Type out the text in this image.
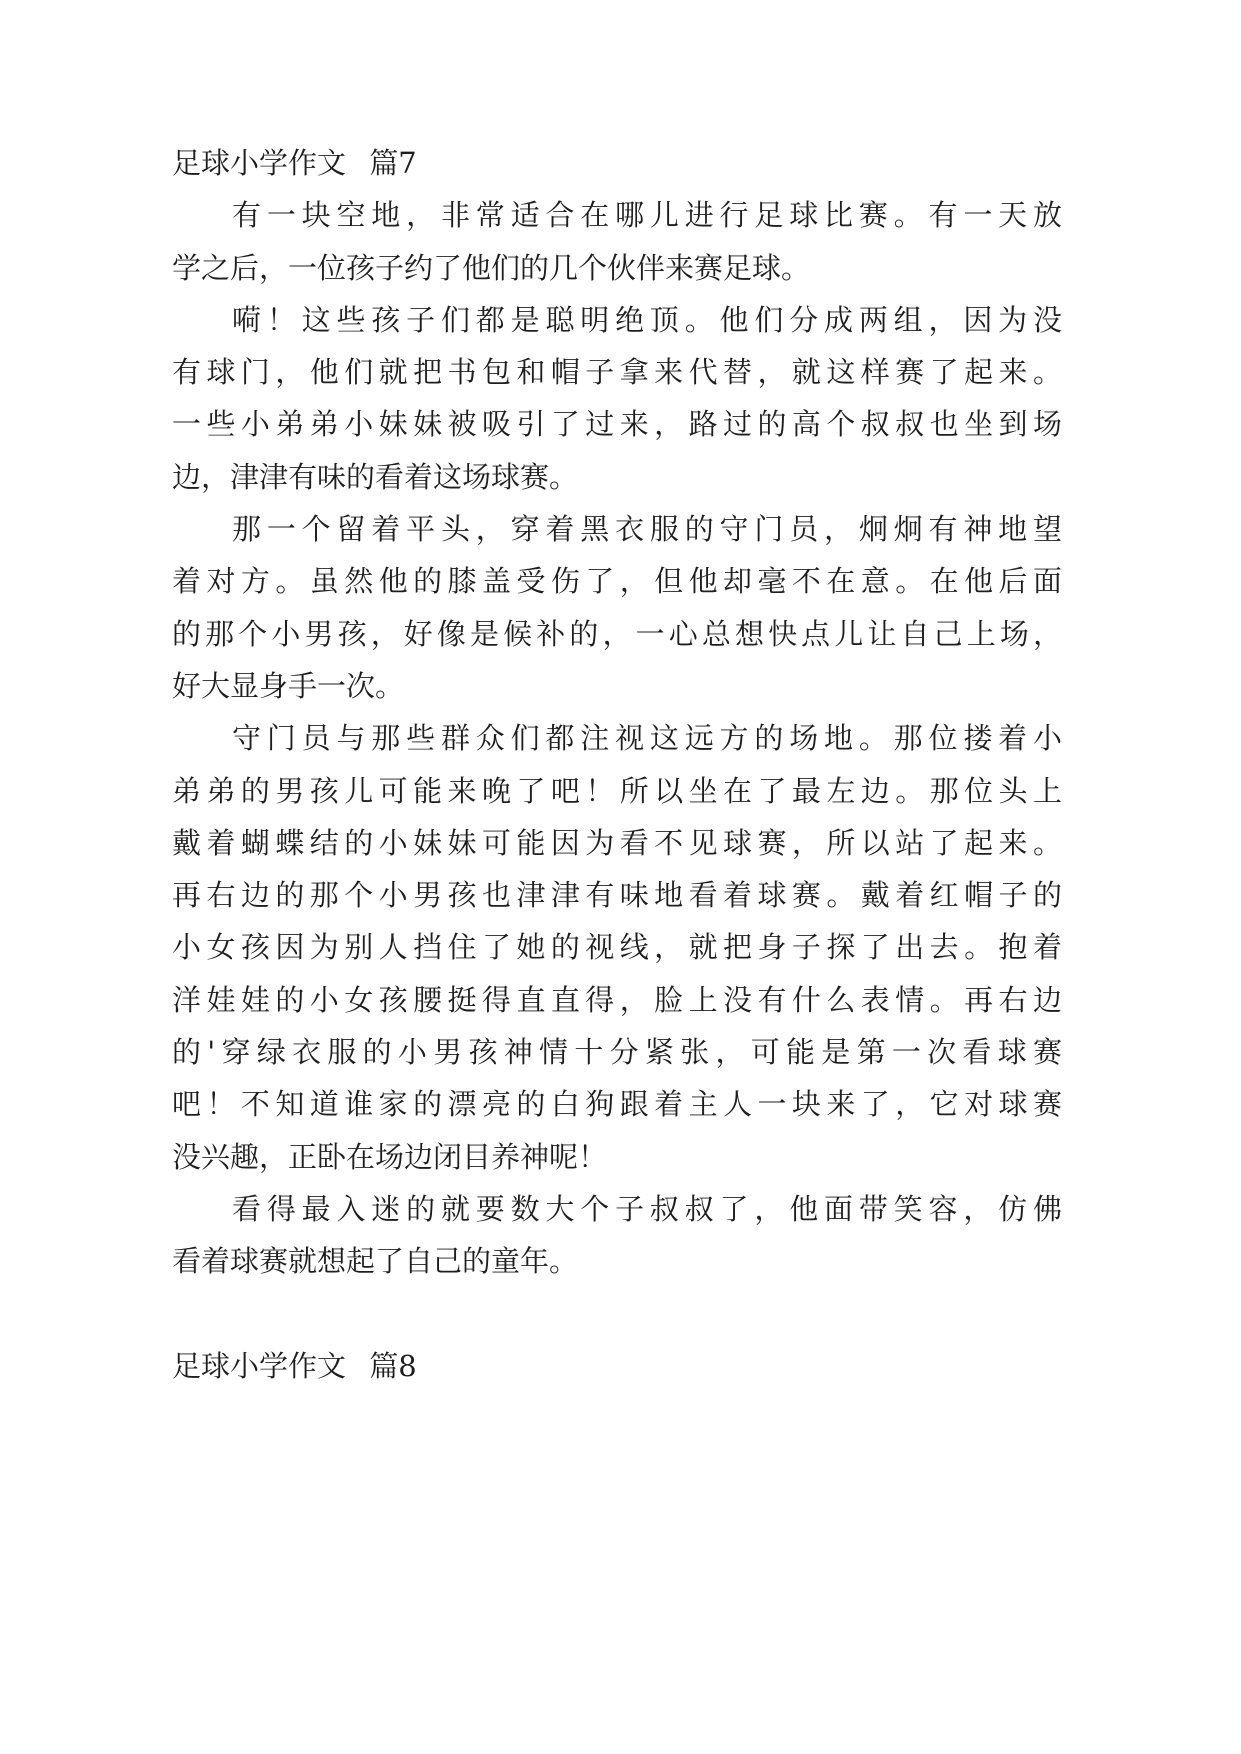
足球小学作文 篇7
有一块空地，非常适合在哪儿进行足球比赛。有一天放
学之后，一位孩子约了他们的几个伙伴来赛足球。
嗬！这些孩子们都是聪明绝顶。他们分成两组，因为没
有球门，他们就把书包和帽子拿来代替，就这样赛了起来。
一些小弟弟小妹妹被吸引了过来，路过的高个叔叔也坐到场
边，津津有味的看着这场球赛。
那一个留着平头，穿着黑衣服的守门员，炯炯有神地望
着对方。虽然他的膝盖受伤了，但他却毫不在意。在他后面
的那个小男孩，好像是候补的，一心总想快点儿让自己上场，
好大显身手一次。
守门员与那些群众们都注视这远方的场地。那位搂着小
弟弟的男孩儿可能来晚了吧！所以坐在了最左边。那位头上
戴着蝴蝶结的小妹妹可能因为看不见球赛，所以站了起来。
再右边的那个小男孩也津津有味地看着球赛。戴着红帽子的
小女孩因为别人挡住了她的视线，就把身子探了出去。抱着
洋娃娃的小女孩腰挺得直直得，脸上没有什么表情。再右边
的'穿绿衣服的小男孩神情十分紧张，可能是第一次看球赛
吧！不知道谁家的漂亮的白狗跟着主人一块来了，它对球赛
没兴趣，正卧在场边闭目养神呢！
看得最入迷的就要数大个子叔叔了，他面带笑容，仿佛
看着球赛就想起了自己的童年。
足球小学作文 篇8
